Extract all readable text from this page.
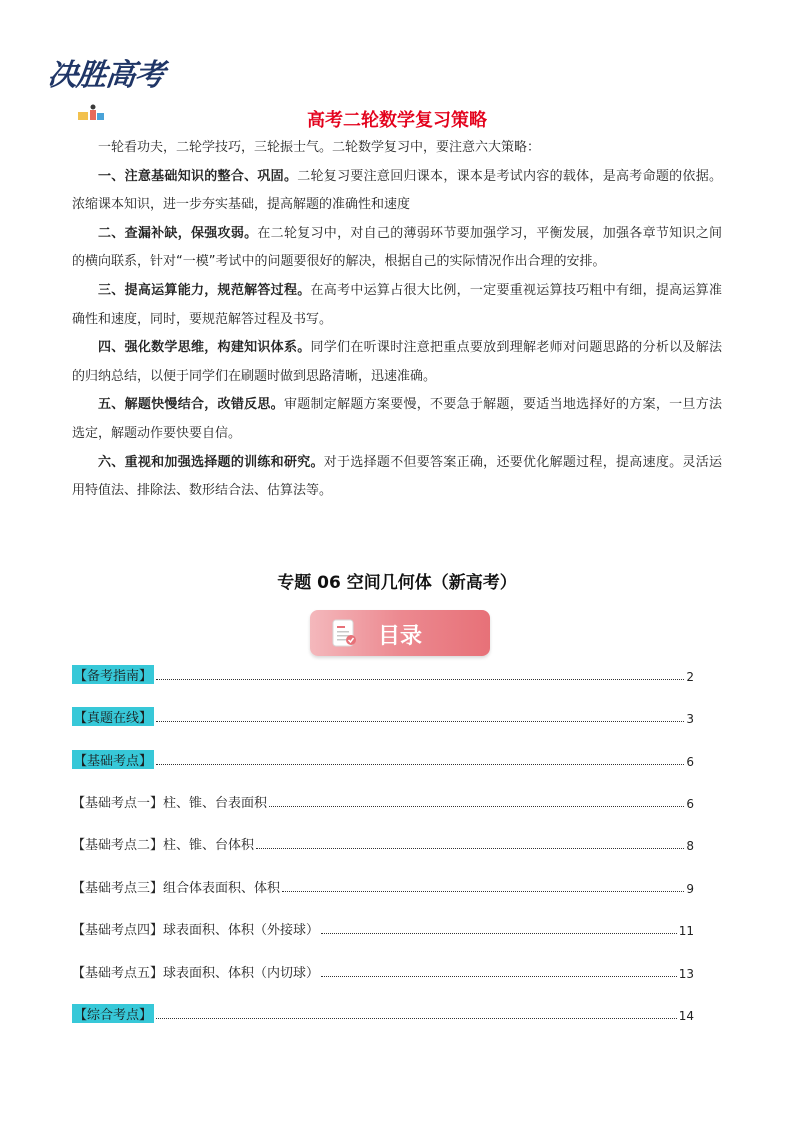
决胜高考
高考二轮数学复习策略

一轮看功夫，二轮学技巧，三轮振士气。二轮数学复习中，要注意六大策略：

一、注意基础知识的整合、巩固。二轮复习要注意回归课本，课本是考试内容的载体，是高考命题的依据。浓缩课本知识，进一步夯实基础，提高解题的准确性和速度

二、查漏补缺，保强攻弱。在二轮复习中，对自己的薄弱环节要加强学习，平衡发展，加强各章节知识之间的横向联系，针对“一模”考试中的问题要很好的解决，根据自己的实际情况作出合理的安排。

三、提高运算能力，规范解答过程。在高考中运算占很大比例，一定要重视运算技巧粗中有细，提高运算准确性和速度，同时，要规范解答过程及书写。

四、强化数学思维，构建知识体系。同学们在听课时注意把重点要放到理解老师对问题思路的分析以及解法的归纳总结，以便于同学们在刷题时做到思路清晰，迅速准确。

五、解题快慢结合，改错反思。审题制定解题方案要慢，不要急于解题，要适当地选择好的方案，一旦方法选定，解题动作要快要自信。

六、重视和加强选择题的训练和研究。对于选择题不但要答案正确，还要优化解题过程，提高速度。灵活运用特值法、排除法、数形结合法、估算法等。

专题 06 空间几何体（新高考）
目录
【备考指南】	2
【真题在线】	3
【基础考点】	6
【基础考点一】柱、锥、台表面积	6
【基础考点二】柱、锥、台体积	8
【基础考点三】组合体表面积、体积	9
【基础考点四】球表面积、体积（外接球）	11
【基础考点五】球表面积、体积（内切球）	13
【综合考点】	14
